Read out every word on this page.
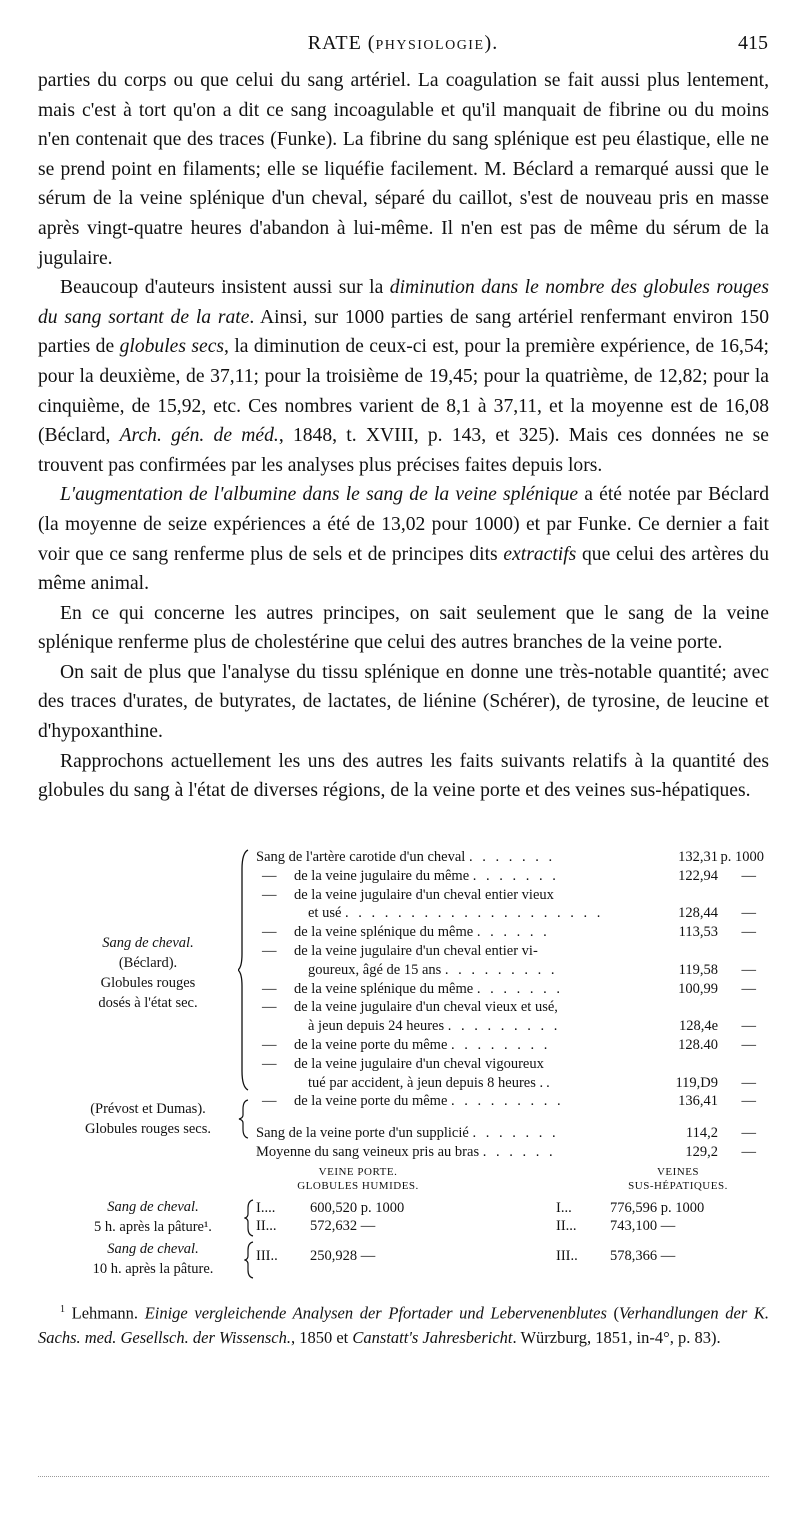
RATE (PHYSIOLOGIE).	415

parties du corps ou que celui du sang artériel. La coagulation se fait aussi plus lentement, mais c'est à tort qu'on a dit ce sang incoagulable et qu'il manquait de fibrine ou du moins n'en contenait que des traces (Funke). La fibrine du sang splénique est peu élastique, elle ne se prend point en filaments; elle se liquéfie facilement. M. Béclard a remarqué aussi que le sérum de la veine splénique d'un cheval, séparé du caillot, s'est de nouveau pris en masse après vingt-quatre heures d'abandon à lui-même. Il n'en est pas de même du sérum de la jugulaire.

Beaucoup d'auteurs insistent aussi sur la diminution dans le nombre des globules rouges du sang sortant de la rate. Ainsi, sur 1000 parties de sang artériel renfermant environ 150 parties de globules secs, la diminution de ceux-ci est, pour la première expérience, de 16,54; pour la deuxième, de 37,11; pour la troisième de 19,45; pour la quatrième, de 12,82; pour la cinquième, de 15,92, etc. Ces nombres varient de 8,1 à 37,11, et la moyenne est de 16,08 (Béclard, Arch. gén. de méd., 1848, t. XVIII, p. 143, et 325). Mais ces données ne se trouvent pas confirmées par les analyses plus précises faites depuis lors.

L'augmentation de l'albumine dans le sang de la veine splénique a été notée par Béclard (la moyenne de seize expériences a été de 13,02 pour 1000) et par Funke. Ce dernier a fait voir que ce sang renferme plus de sels et de principes dits extractifs que celui des artères du même animal.

En ce qui concerne les autres principes, on sait seulement que le sang de la veine splénique renferme plus de cholestérine que celui des autres branches de la veine porte.

On sait de plus que l'analyse du tissu splénique en donne une très-notable quantité; avec des traces d'urates, de butyrates, de lactates, de liénine (Schérer), de tyrosine, de leucine et d'hypoxanthine.

Rapprochons actuellement les uns des autres les faits suivants relatifs à la quantité des globules du sang à l'état de diverses régions, de la veine porte et des veines sus-hépatiques.

Sang de cheval.
(Béclard).
Globules rouges
dosés à l'état sec.
(Prévost et Dumas).
Globules rouges secs.
Sang de l'artère carotide d'un cheval . . . . . . .	132,31 p. 1000
— de la veine jugulaire du même . . . . . . .	122,94 —
— de la veine jugulaire d'un cheval entier vieux
et usé . . . . . . . . . . . . . . . . . . . .	128,44 —
— de la veine splénique du même . . . . . .	113,53 —
— de la veine jugulaire d'un cheval entier vi-
goureux, âgé de 15 ans . . . . . . . . .	119,58 —
— de la veine splénique du même . . . . . . .	100,99 —
— de la veine jugulaire d'un cheval vieux et usé,
à jeun depuis 24 heures . . . . . . . . .	128,4e —
— de la veine porte du même . . . . . . . .	128.40 —
— de la veine jugulaire d'un cheval vigoureux
tué par accident, à jeun depuis 8 heures ..	119,D9 —
— de la veine porte du même . . . . . . . . .	136,41 —
Sang de la veine porte d'un supplicié . . . . . . .	114,2 —
Moyenne du sang veineux pris au bras . . . . . .	129,2 —
VEINE PORTE.
GLOBULES HUMIDES.
VEINES
SUS-HÉPATIQUES.
Sang de cheval.
5 h. après la pâture¹.
Sang de cheval.
10 h. après la pâture.
I.... 600,520 p. 1000	I...	776,596 p. 1000
II... 572,632 —	II... 743,100 —
III.. 250,928 —	III.. 578,366 —
$^1$ Lehmann. Einige vergleichende Analysen der Pfortader und Lebervenenblutes (Verhandlungen der K. Sachs. med. Gesellsch. der Wissensch., 1850 et Canstatt's Jahresbericht. Würzburg, 1851, in-4°, p. 83).
